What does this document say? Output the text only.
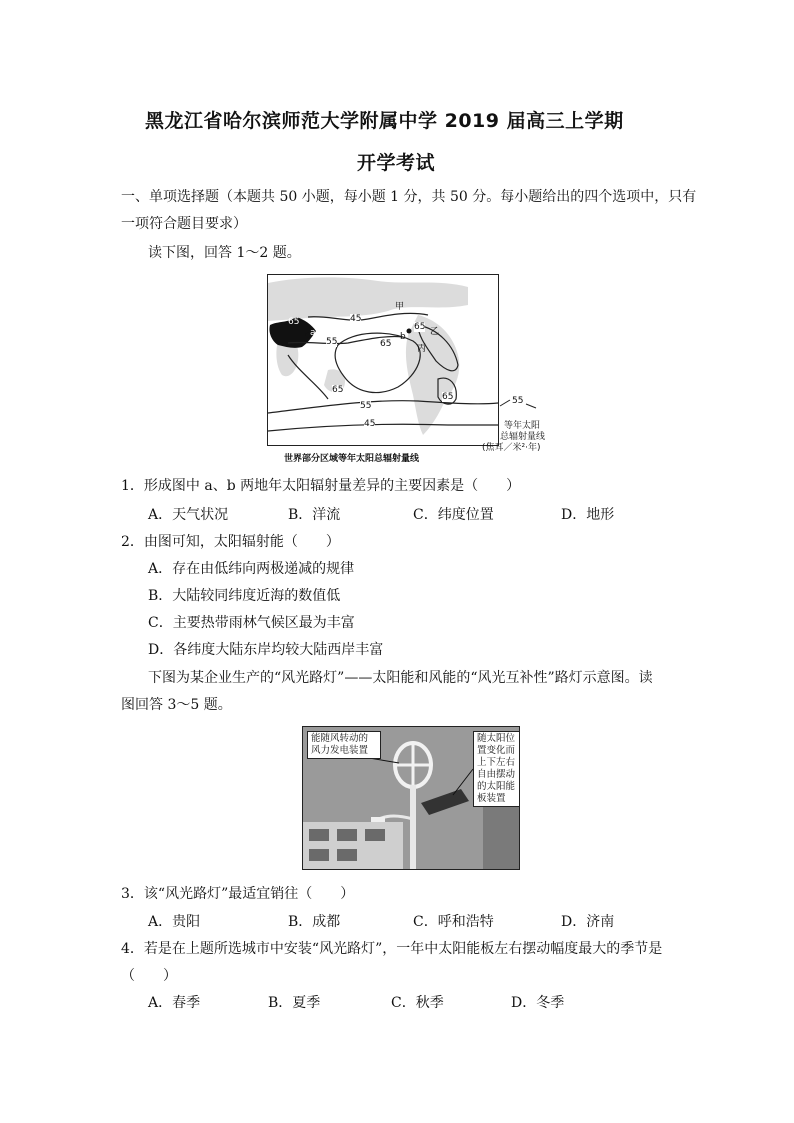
黑龙江省哈尔滨师范大学附属中学 2019 届高三上学期
开学考试
一、单项选择题（本题共 50 小题，每小题 1 分，共 50 分。每小题给出的四个选项中，只有
一项符合题目要求）
读下图，回答 1～2 题。
45
65	65
55	65
55
45
65
65
甲
乙
丙
a	b
55
等年太阳
总辐射量线
(焦耳／米²·年)
世界部分区域等年太阳总辐射量线
1．形成图中 a、b 两地年太阳辐射量差异的主要因素是（　　）
A．天气状况	B．洋流	C．纬度位置	D．地形
2．由图可知，太阳辐射能（　　）
A．存在由低纬向两极递减的规律
B．大陆较同纬度近海的数值低
C．主要热带雨林气候区最为丰富
D．各纬度大陆东岸均较大陆西岸丰富
下图为某企业生产的“风光路灯”——太阳能和风能的“风光互补性”路灯示意图。读
图回答 3～5 题。
能随风转动的风力发电装置
随太阳位置变化而上下左右自由摆动的太阳能板装置
3．该“风光路灯”最适宜销往（　　）
A．贵阳	B．成都	C．呼和浩特	D．济南
4．若是在上题所选城市中安装“风光路灯”，一年中太阳能板左右摆动幅度最大的季节是
（　　）
A．春季	B．夏季	C．秋季	D．冬季
